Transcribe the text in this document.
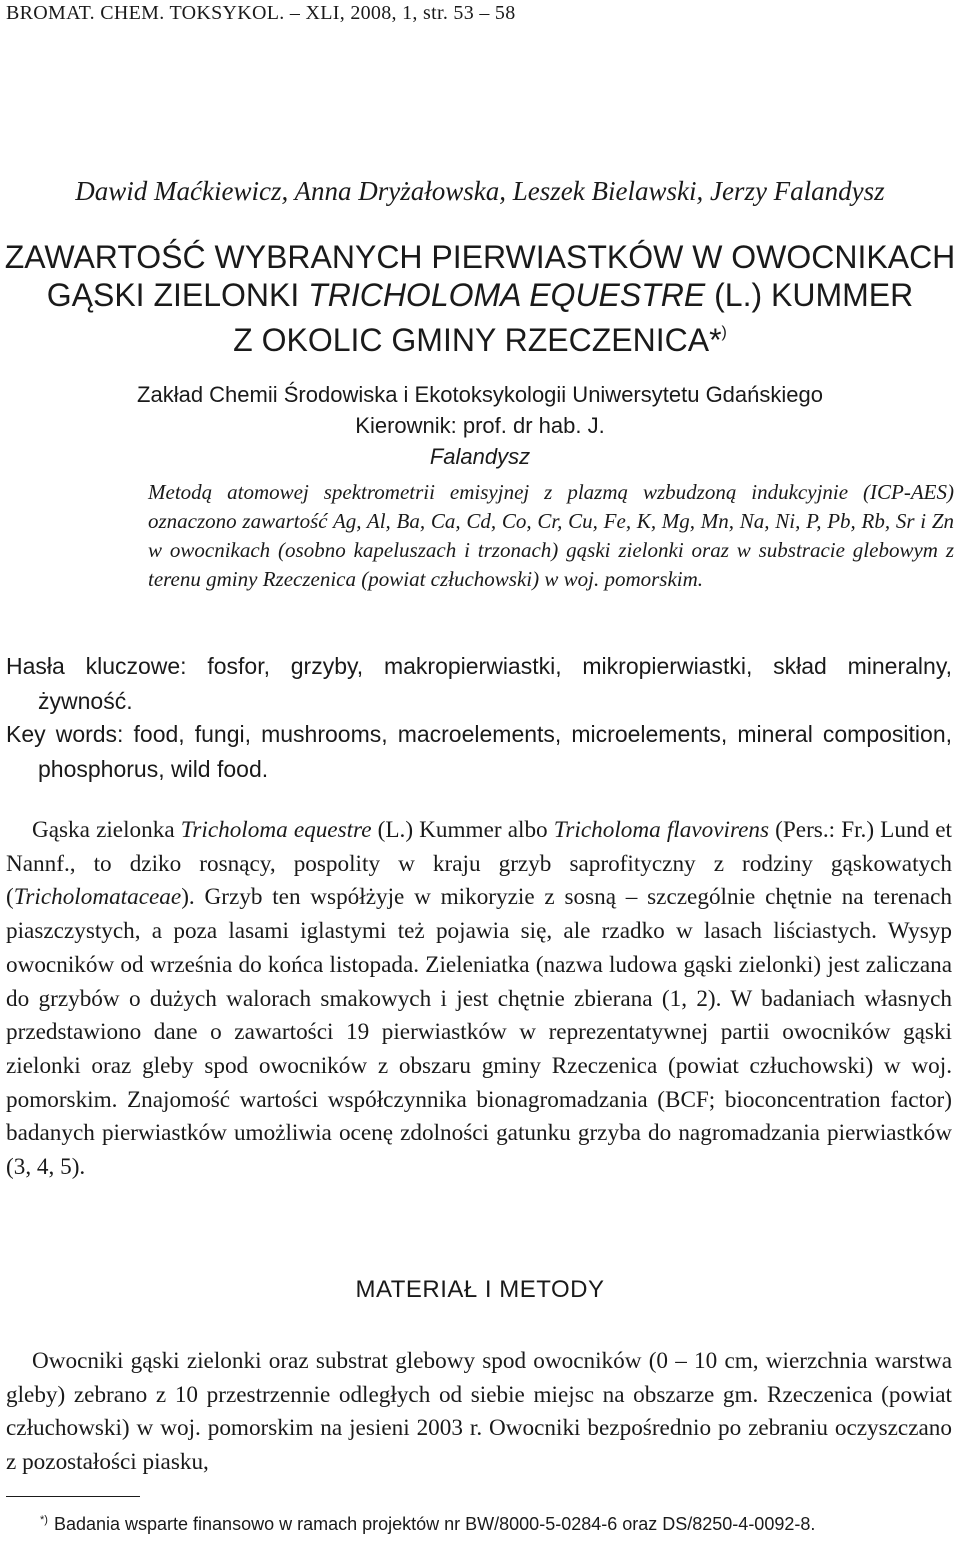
BROMAT. CHEM. TOKSYKOL. – XLI, 2008, 1, str. 53 – 58
Dawid Maćkiewicz, Anna Dryżałowska, Leszek Bielawski, Jerzy Falandysz
ZAWARTOŚĆ WYBRANYCH PIERWIASTKÓW W OWOCNIKACH
GĄSKI ZIELONKI TRICHOLOMA EQUESTRE (L.) KUMMER
Z OKOLIC GMINY RZECZENICA*)
Zakład Chemii Środowiska i Ekotoksykologii Uniwersytetu Gdańskiego
Kierownik: prof. dr hab. J.
Falandysz

Metodą atomowej spektrometrii emisyjnej z plazmą wzbudzoną indukcyjnie (ICP-AES) oznaczono zawartość Ag, Al, Ba, Ca, Cd, Co, Cr, Cu, Fe, K, Mg, Mn, Na, Ni, P, Pb, Rb, Sr i Zn w owocnikach (osobno kapeluszach i trzonach) gąski zielonki oraz w substracie glebowym z terenu gminy Rzeczenica (powiat człuchowski) w woj. pomorskim.

Hasła kluczowe: fosfor, grzyby, makropierwiastki, mikropierwiastki, skład mineralny, żywność.
Key words: food, fungi, mushrooms, macroelements, microelements, mineral composition, phosphorus, wild food.

Gąska zielonka Tricholoma equestre (L.) Kummer albo Tricholoma flavovirens (Pers.: Fr.) Lund et Nannf., to dziko rosnący, pospolity w kraju grzyb saprofityczny z rodziny gąskowatych (Tricholomataceae). Grzyb ten współżyje w mikoryzie z sosną – szczególnie chętnie na terenach piaszczystych, a poza lasami iglastymi też pojawia się, ale rzadko w lasach liściastych. Wysyp owocników od września do końca listopada. Zieleniatka (nazwa ludowa gąski zielonki) jest zaliczana do grzybów o dużych walorach smakowych i jest chętnie zbierana (1, 2). W badaniach własnych przedstawiono dane o zawartości 19 pierwiastków w reprezentatywnej partii owocników gąski zielonki oraz gleby spod owocników z obszaru gminy Rzeczenica (powiat człuchowski) w woj. pomorskim. Znajomość wartości współczynnika bionagromadzania (BCF; bioconcentration factor) badanych pierwiastków umożliwia ocenę zdolności gatunku grzyba do nagromadzania pierwiastków (3, 4, 5).

MATERIAŁ I METODY

Owocniki gąski zielonki oraz substrat glebowy spod owocników (0 – 10 cm, wierzchnia warstwa gleby) zebrano z 10 przestrzennie odległych od siebie miejsc na obszarze gm. Rzeczenica (powiat człuchowski) w woj. pomorskim na jesieni 2003 r. Owocniki bezpośrednio po zebraniu oczyszczano z pozostałości piasku,

*) Badania wsparte finansowo w ramach projektów nr BW/8000-5-0284-6 oraz DS/8250-4-0092-8.
